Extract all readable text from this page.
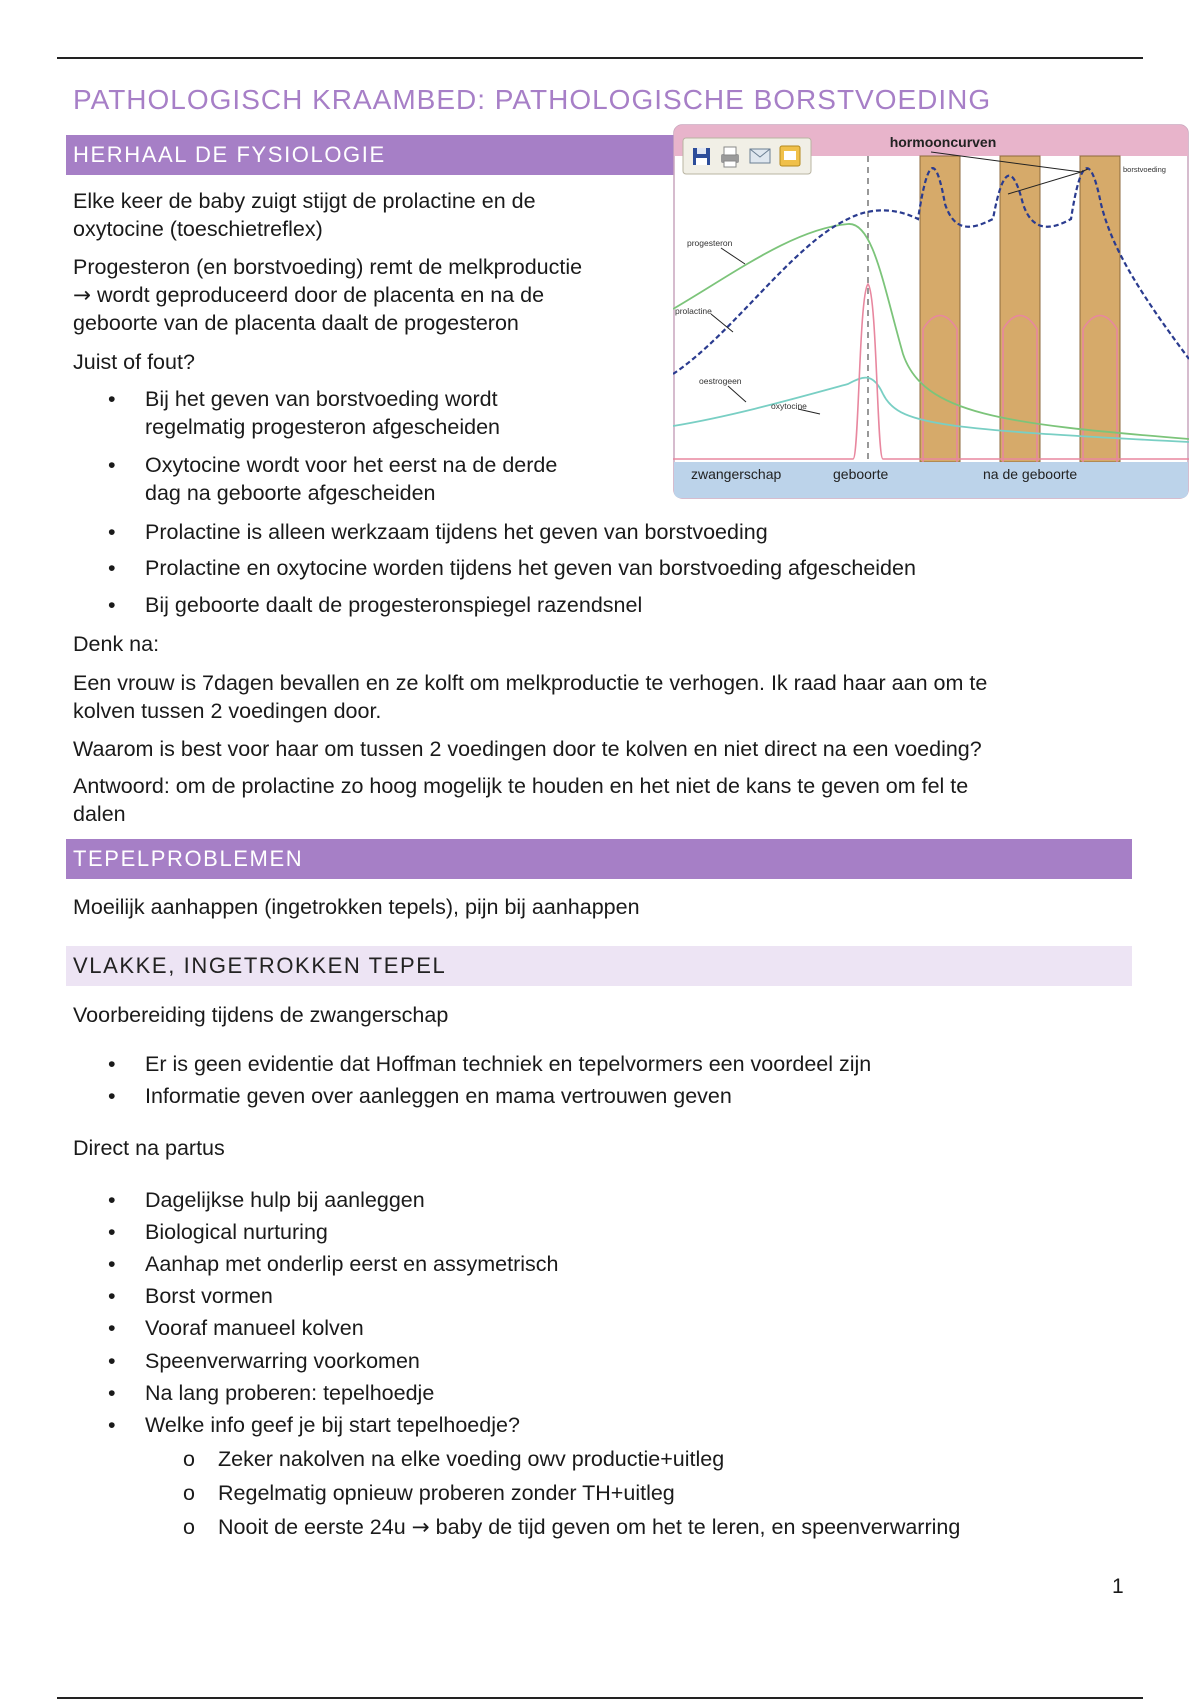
PATHOLOGISCH KRAAMBED: PATHOLOGISCHE BORSTVOEDING
HERHAAL DE FYSIOLOGIE	hormooncurven
progesteron
prolactine
oestrogeen
oxytocine
borstvoeding
zwangerschap	geboorte	na de geboorte
Elke keer de baby zuigt stijgt de prolactine en de
oxytocine (toeschietreflex)
Progesteron (en borstvoeding) remt de melkproductie
→ wordt geproduceerd door de placenta en na de
geboorte van de placenta daalt de progesteron
Juist of fout?
•	Bij het geven van borstvoeding wordt
regelmatig progesteron afgescheiden
•	Oxytocine wordt voor het eerst na de derde
dag na geboorte afgescheiden
•	Prolactine is alleen werkzaam tijdens het geven van borstvoeding
•	Prolactine en oxytocine worden tijdens het geven van borstvoeding afgescheiden
•	Bij geboorte daalt de progesteronspiegel razendsnel
Denk na:
Een vrouw is 7dagen bevallen en ze kolft om melkproductie te verhogen. Ik raad haar aan om te
kolven tussen 2 voedingen door.
Waarom is best voor haar om tussen 2 voedingen door te kolven en niet direct na een voeding?
Antwoord: om de prolactine zo hoog mogelijk te houden en het niet de kans te geven om fel te
dalen
TEPELPROBLEMEN
Moeilijk aanhappen (ingetrokken tepels), pijn bij aanhappen
VLAKKE, INGETROKKEN TEPEL
Voorbereiding tijdens de zwangerschap
•	Er is geen evidentie dat Hoffman techniek en tepelvormers een voordeel zijn
•	Informatie geven over aanleggen en mama vertrouwen geven
Direct na partus
•	Dagelijkse hulp bij aanleggen
•	Biological nurturing
•	Aanhap met onderlip eerst en assymetrisch
•	Borst vormen
•	Vooraf manueel kolven
•	Speenverwarring voorkomen
•	Na lang proberen: tepelhoedje
•	Welke info geef je bij start tepelhoedje?
o Zeker nakolven na elke voeding owv productie+uitleg
o Regelmatig opnieuw proberen zonder TH+uitleg
o Nooit de eerste 24u → baby de tijd geven om het te leren, en speenverwarring
1
